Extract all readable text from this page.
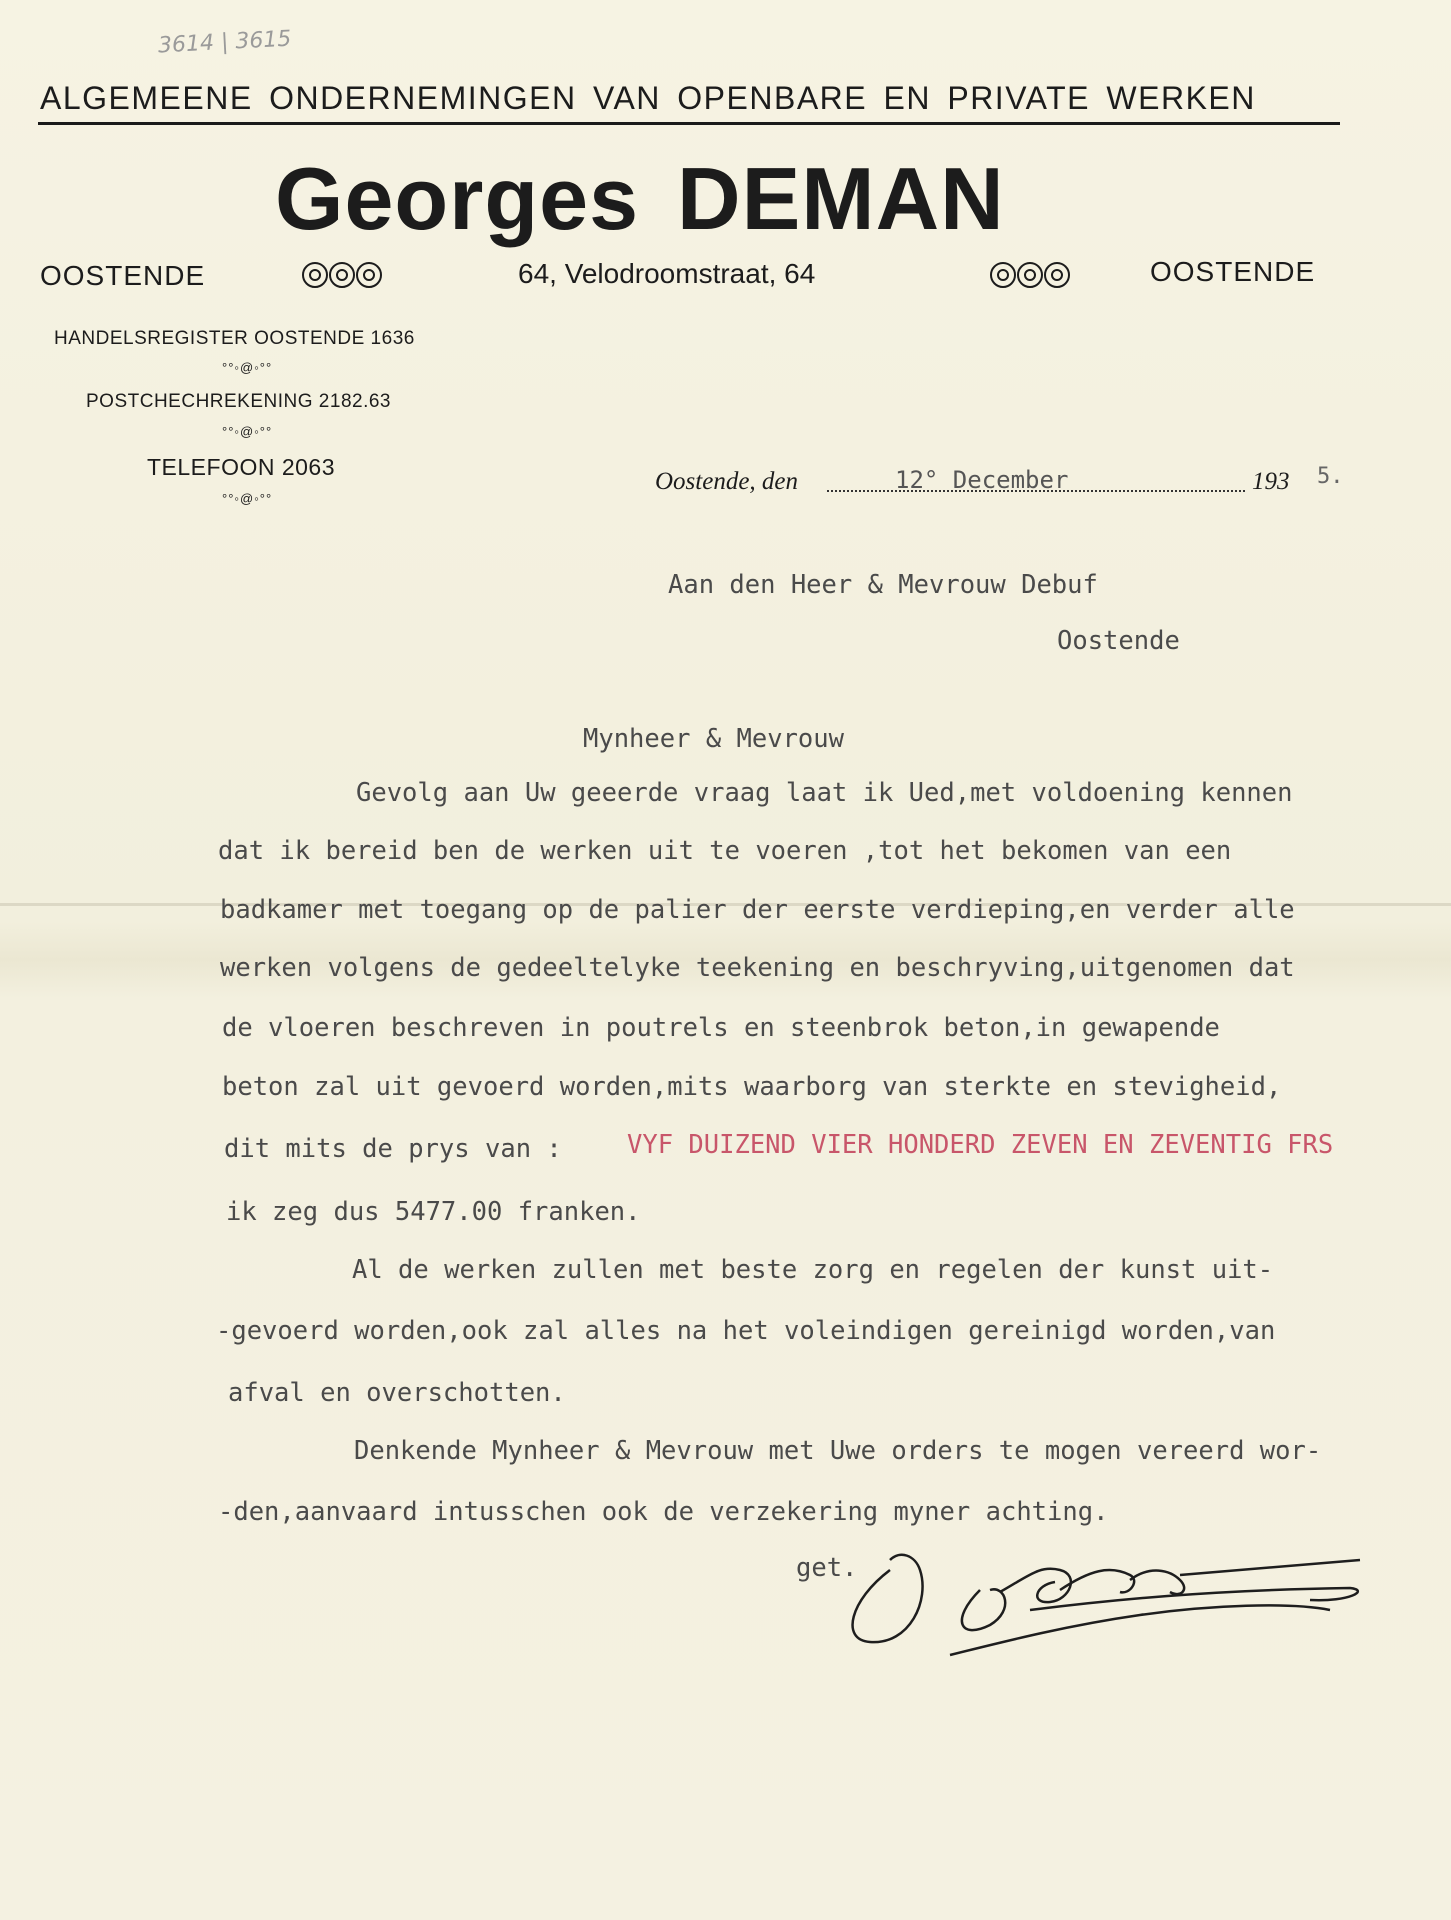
3614 | 3615
ALGEMEENE ONDERNEMINGEN VAN OPENBARE EN PRIVATE WERKEN
Georges DEMAN
OOSTENDE	64, Velodroomstraat, 64	OOSTENDE
HANDELSREGISTER OOSTENDE 1636
°°◦@◦°°
POSTCHECHREKENING 2182.63
°°◦@◦°°
TELEFOON 2063
°°◦@◦°°
Oostende, den	12° December	193 5.
Aan den Heer & Mevrouw Debuf
Oostende
Mynheer & Mevrouw
Gevolg aan Uw geeerde vraag laat ik Ued,met voldoening kennen
dat ik bereid ben de werken uit te voeren ,tot het bekomen van een
badkamer met toegang op de palier der eerste verdieping,en verder alle
werken volgens de gedeeltelyke teekening en beschryving,uitgenomen dat
de vloeren beschreven in poutrels en steenbrok beton,in gewapende
beton zal uit gevoerd worden,mits waarborg van sterkte en stevigheid,
dit mits de prys van :	VYF DUIZEND VIER HONDERD ZEVEN EN ZEVENTIG FRS
ik zeg dus 5477.00 franken.
Al de werken zullen met beste zorg en regelen der kunst uit-
-gevoerd worden,ook zal alles na het voleindigen gereinigd worden,van
afval en overschotten.
Denkende Mynheer & Mevrouw met Uwe orders te mogen vereerd wor-
-den,aanvaard intusschen ook de verzekering myner achting.
get.
